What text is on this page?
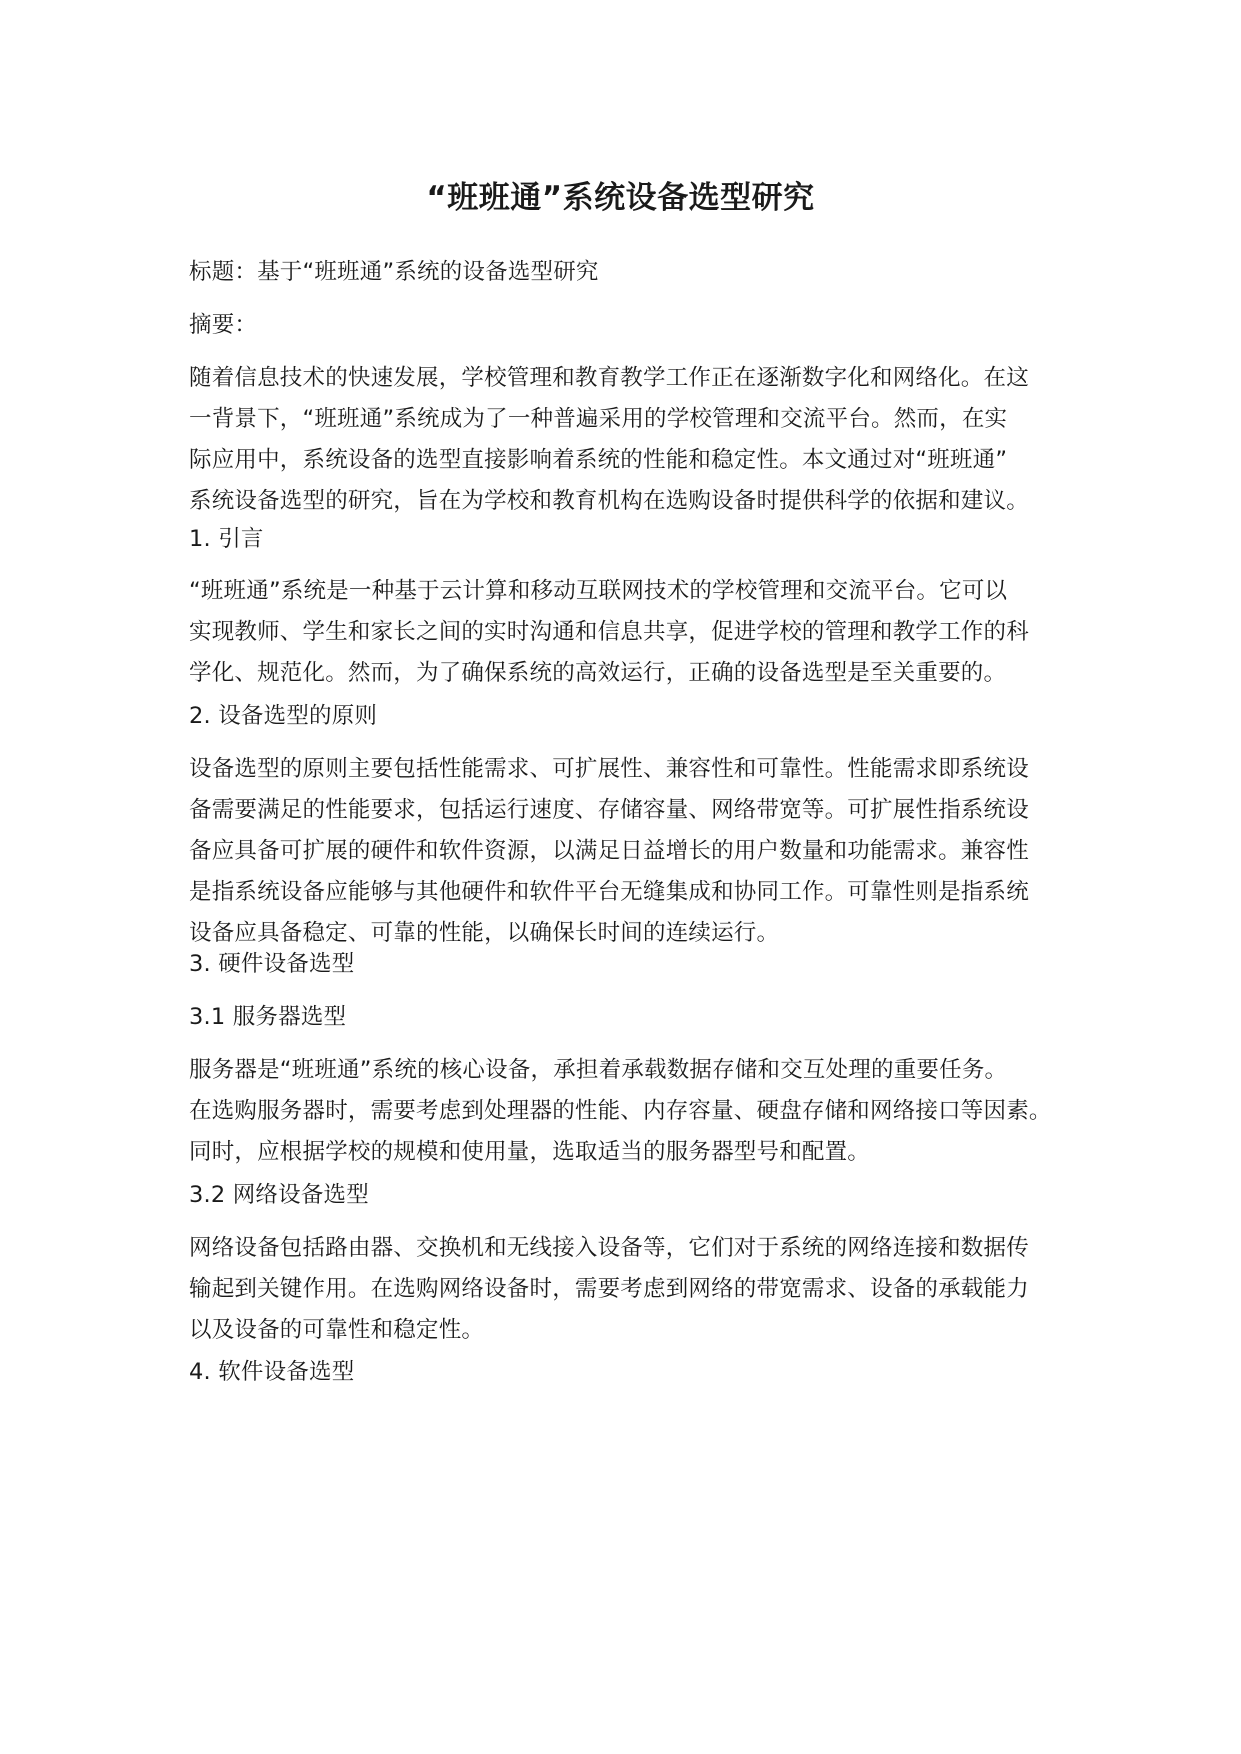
“班班通”系统设备选型研究

标题：基于“班班通”系统的设备选型研究

摘要：

随着信息技术的快速发展，学校管理和教育教学工作正在逐渐数字化和网络化。在这
一背景下，“班班通”系统成为了一种普遍采用的学校管理和交流平台。然而，在实
际应用中，系统设备的选型直接影响着系统的性能和稳定性。本文通过对“班班通”
系统设备选型的研究，旨在为学校和教育机构在选购设备时提供科学的依据和建议。

1. 引言

“班班通”系统是一种基于云计算和移动互联网技术的学校管理和交流平台。它可以
实现教师、学生和家长之间的实时沟通和信息共享，促进学校的管理和教学工作的科
学化、规范化。然而，为了确保系统的高效运行，正确的设备选型是至关重要的。

2. 设备选型的原则

设备选型的原则主要包括性能需求、可扩展性、兼容性和可靠性。性能需求即系统设
备需要满足的性能要求，包括运行速度、存储容量、网络带宽等。可扩展性指系统设
备应具备可扩展的硬件和软件资源，以满足日益增长的用户数量和功能需求。兼容性
是指系统设备应能够与其他硬件和软件平台无缝集成和协同工作。可靠性则是指系统
设备应具备稳定、可靠的性能，以确保长时间的连续运行。

3. 硬件设备选型

3.1 服务器选型

服务器是“班班通”系统的核心设备，承担着承载数据存储和交互处理的重要任务。
在选购服务器时，需要考虑到处理器的性能、内存容量、硬盘存储和网络接口等因素。
同时，应根据学校的规模和使用量，选取适当的服务器型号和配置。

3.2 网络设备选型

网络设备包括路由器、交换机和无线接入设备等，它们对于系统的网络连接和数据传
输起到关键作用。在选购网络设备时，需要考虑到网络的带宽需求、设备的承载能力
以及设备的可靠性和稳定性。

4. 软件设备选型
